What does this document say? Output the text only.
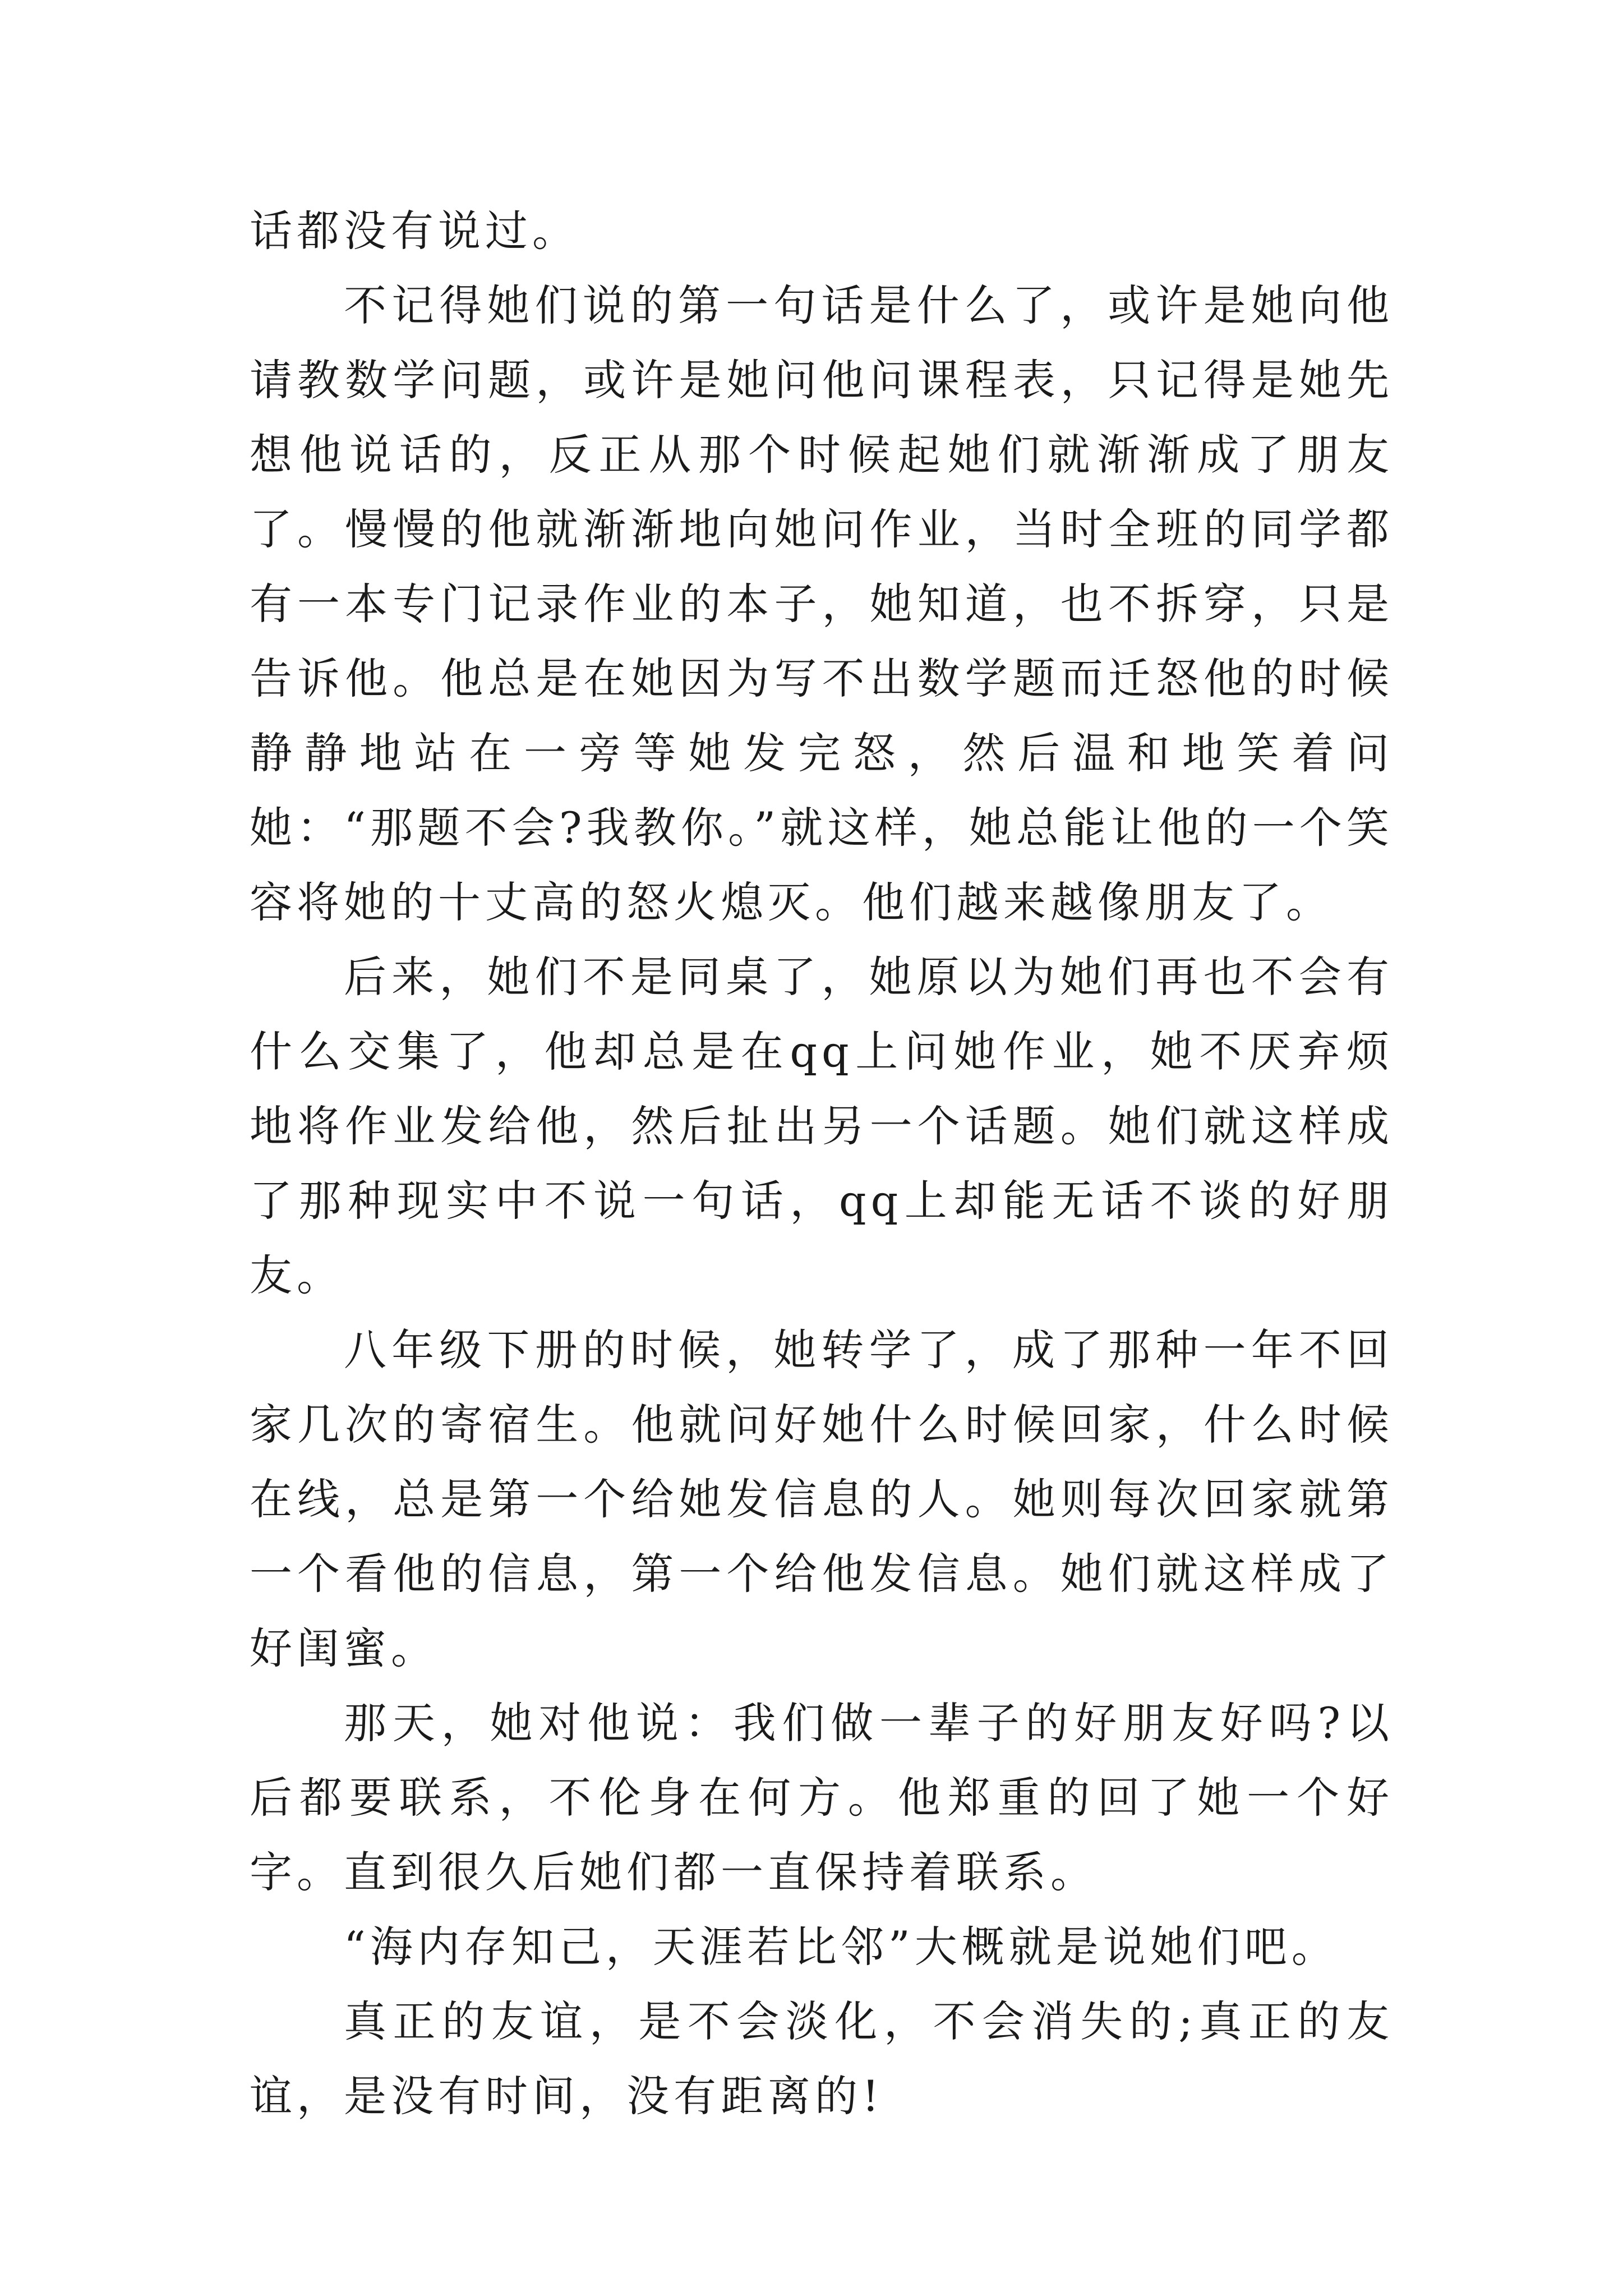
话都没有说过。

不记得她们说的第一句话是什么了，或许是她向他请教数学问题，或许是她问他问课程表，只记得是她先想他说话的，反正从那个时候起她们就渐渐成了朋友了。慢慢的他就渐渐地向她问作业，当时全班的同学都有一本专门记录作业的本子，她知道，也不拆穿，只是告诉他。他总是在她因为写不出数学题而迁怒他的时候静静地站在一旁等她发完怒，然后温和地笑着问她：“那题不会?我教你。”就这样，她总能让他的一个笑容将她的十丈高的怒火熄灭。他们越来越像朋友了。

后来，她们不是同桌了，她原以为她们再也不会有什么交集了，他却总是在qq上问她作业，她不厌弃烦地将作业发给他，然后扯出另一个话题。她们就这样成了那种现实中不说一句话，qq上却能无话不谈的好朋友。

八年级下册的时候，她转学了，成了那种一年不回家几次的寄宿生。他就问好她什么时候回家，什么时候在线，总是第一个给她发信息的人。她则每次回家就第一个看他的信息，第一个给他发信息。她们就这样成了好闺蜜。

那天，她对他说：我们做一辈子的好朋友好吗?以后都要联系，不伦身在何方。他郑重的回了她一个好字。直到很久后她们都一直保持着联系。

“海内存知己，天涯若比邻”大概就是说她们吧。

真正的友谊，是不会淡化，不会消失的;真正的友谊，是没有时间，没有距离的!
